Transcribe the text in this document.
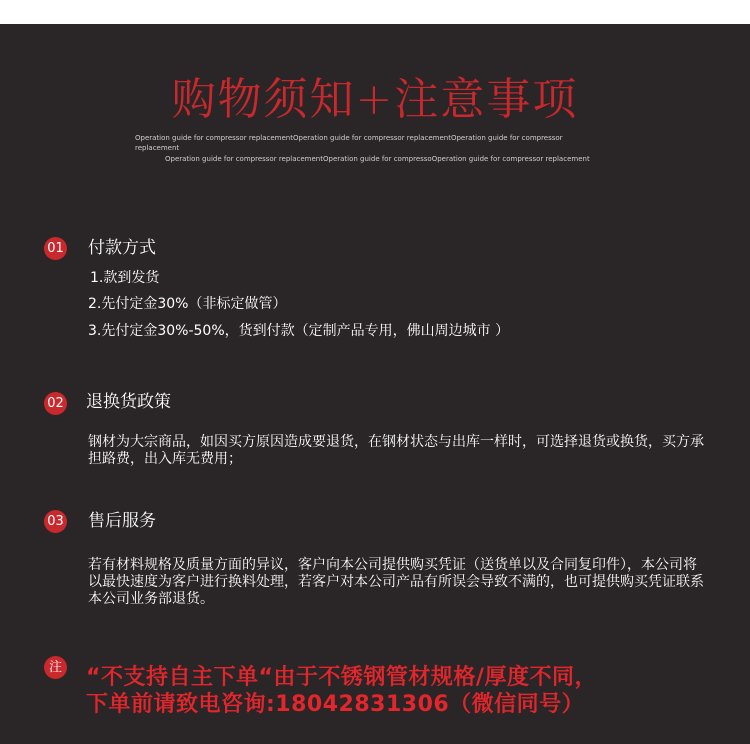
购物须知+注意事项
Operation guide for compressor replacementOperation guide for compressor replacementOperation guide for compressor
replacement
Operation guide for compressor replacementOperation guide for compressoOperation guide for compressor replacement
01 付款方式
1.款到发货
2.先付定金30%（非标定做管）
3.先付定金30%-50%，货到付款（定制产品专用，佛山周边城市 ）
02 退换货政策
钢材为大宗商品，如因买方原因造成要退货，在钢材状态与出库一样时，可选择退货或换货，买方承担路费，出入库无费用；
03 售后服务
若有材料规格及质量方面的异议，客户向本公司提供购买凭证（送货单以及合同复印件），本公司将以最快速度为客户进行换料处理，若客户对本公司产品有所误会导致不满的，也可提供购买凭证联系本公司业务部退货。
注 “不支持自主下单“由于不锈钢管材规格/厚度不同，
下单前请致电咨询:18042831306（微信同号）
